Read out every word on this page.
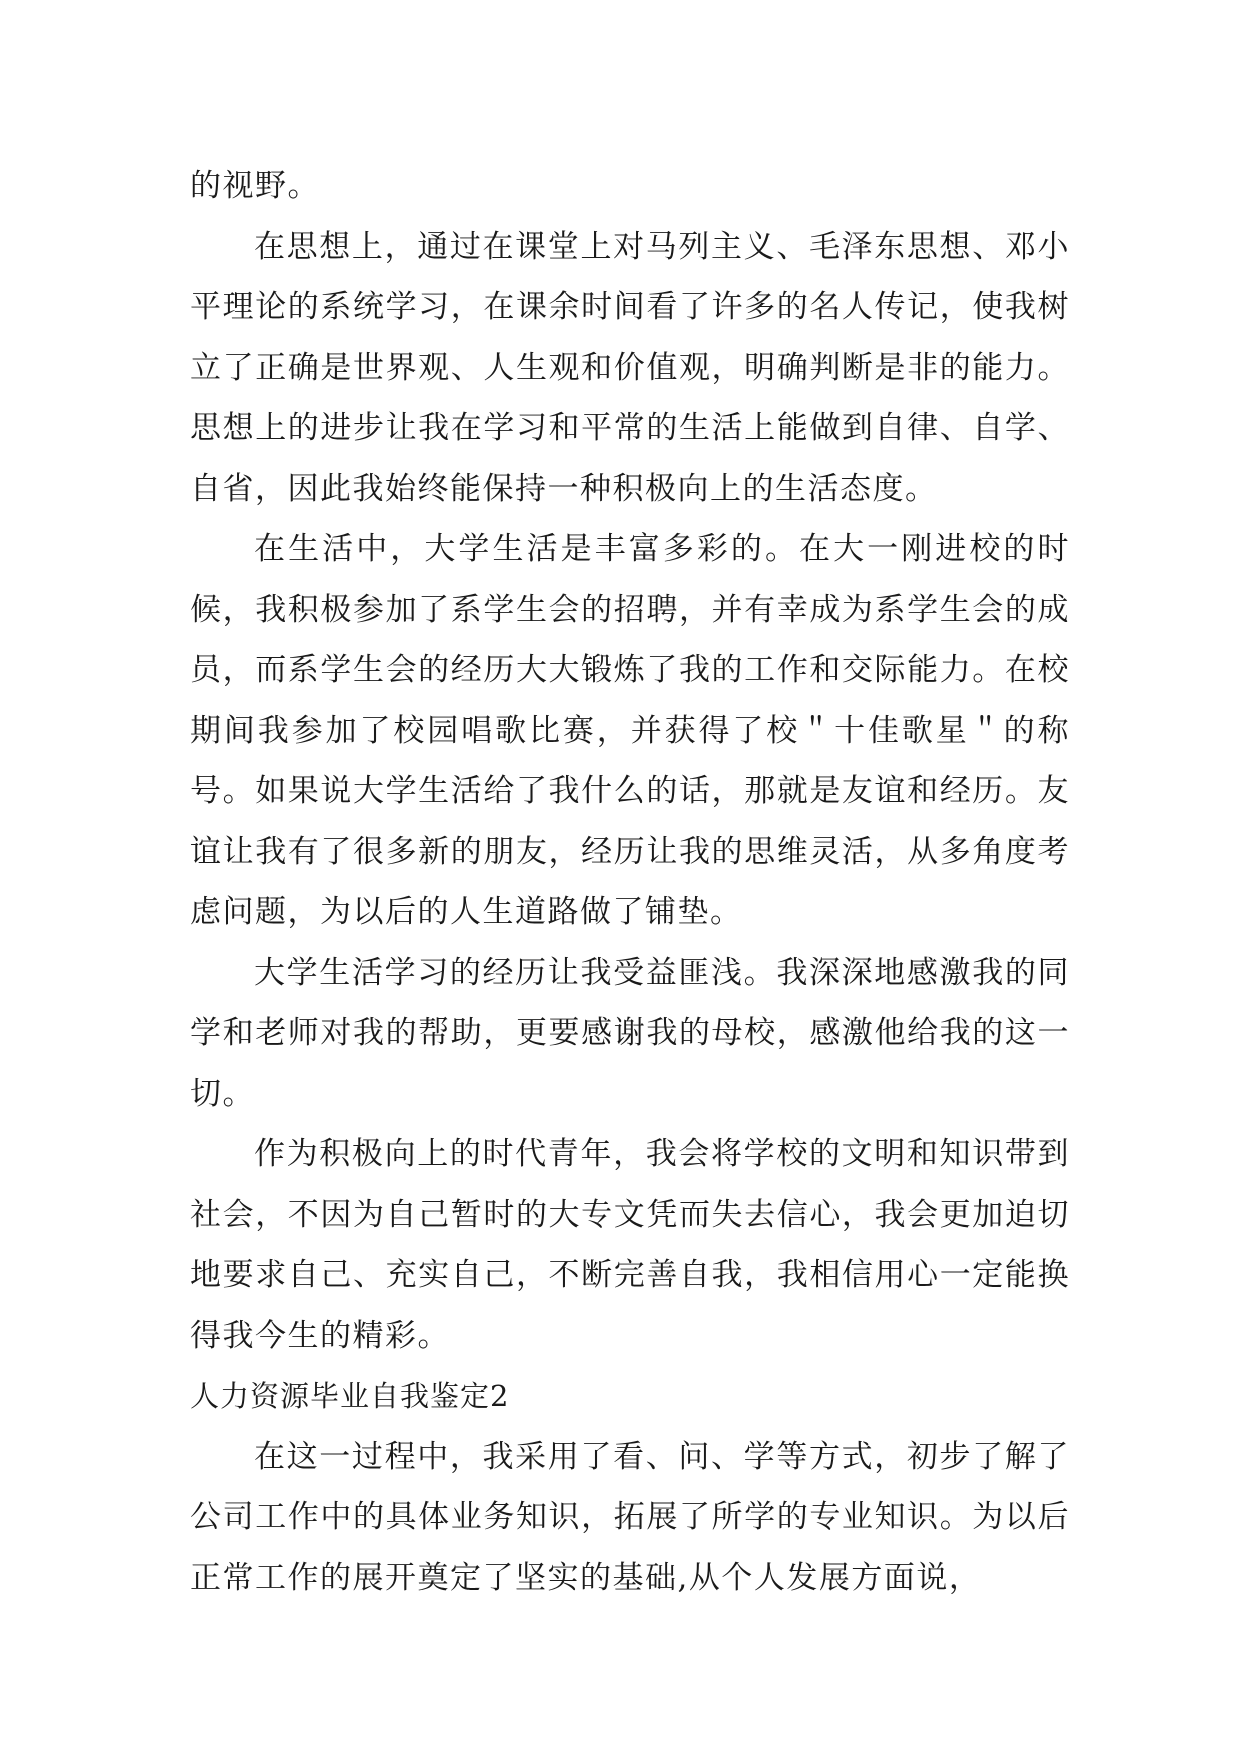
的视野。

在思想上，通过在课堂上对马列主义、毛泽东思想、邓小平理论的系统学习，在课余时间看了许多的名人传记，使我树立了正确是世界观、人生观和价值观，明确判断是非的能力。思想上的进步让我在学习和平常的生活上能做到自律、自学、自省，因此我始终能保持一种积极向上的生活态度。

在生活中，大学生活是丰富多彩的。在大一刚进校的时候，我积极参加了系学生会的招聘，并有幸成为系学生会的成员，而系学生会的经历大大锻炼了我的工作和交际能力。在校期间我参加了校园唱歌比赛，并获得了校＂十佳歌星＂的称号。如果说大学生活给了我什么的话，那就是友谊和经历。友谊让我有了很多新的朋友，经历让我的思维灵活，从多角度考虑问题，为以后的人生道路做了铺垫。

大学生活学习的经历让我受益匪浅。我深深地感激我的同学和老师对我的帮助，更要感谢我的母校，感激他给我的这一切。

作为积极向上的时代青年，我会将学校的文明和知识带到社会，不因为自己暂时的大专文凭而失去信心，我会更加迫切地要求自己、充实自己，不断完善自我，我相信用心一定能换得我今生的精彩。

人力资源毕业自我鉴定2

在这一过程中，我采用了看、问、学等方式，初步了解了公司工作中的具体业务知识，拓展了所学的专业知识。为以后正常工作的展开奠定了坚实的基础,从个人发展方面说，
